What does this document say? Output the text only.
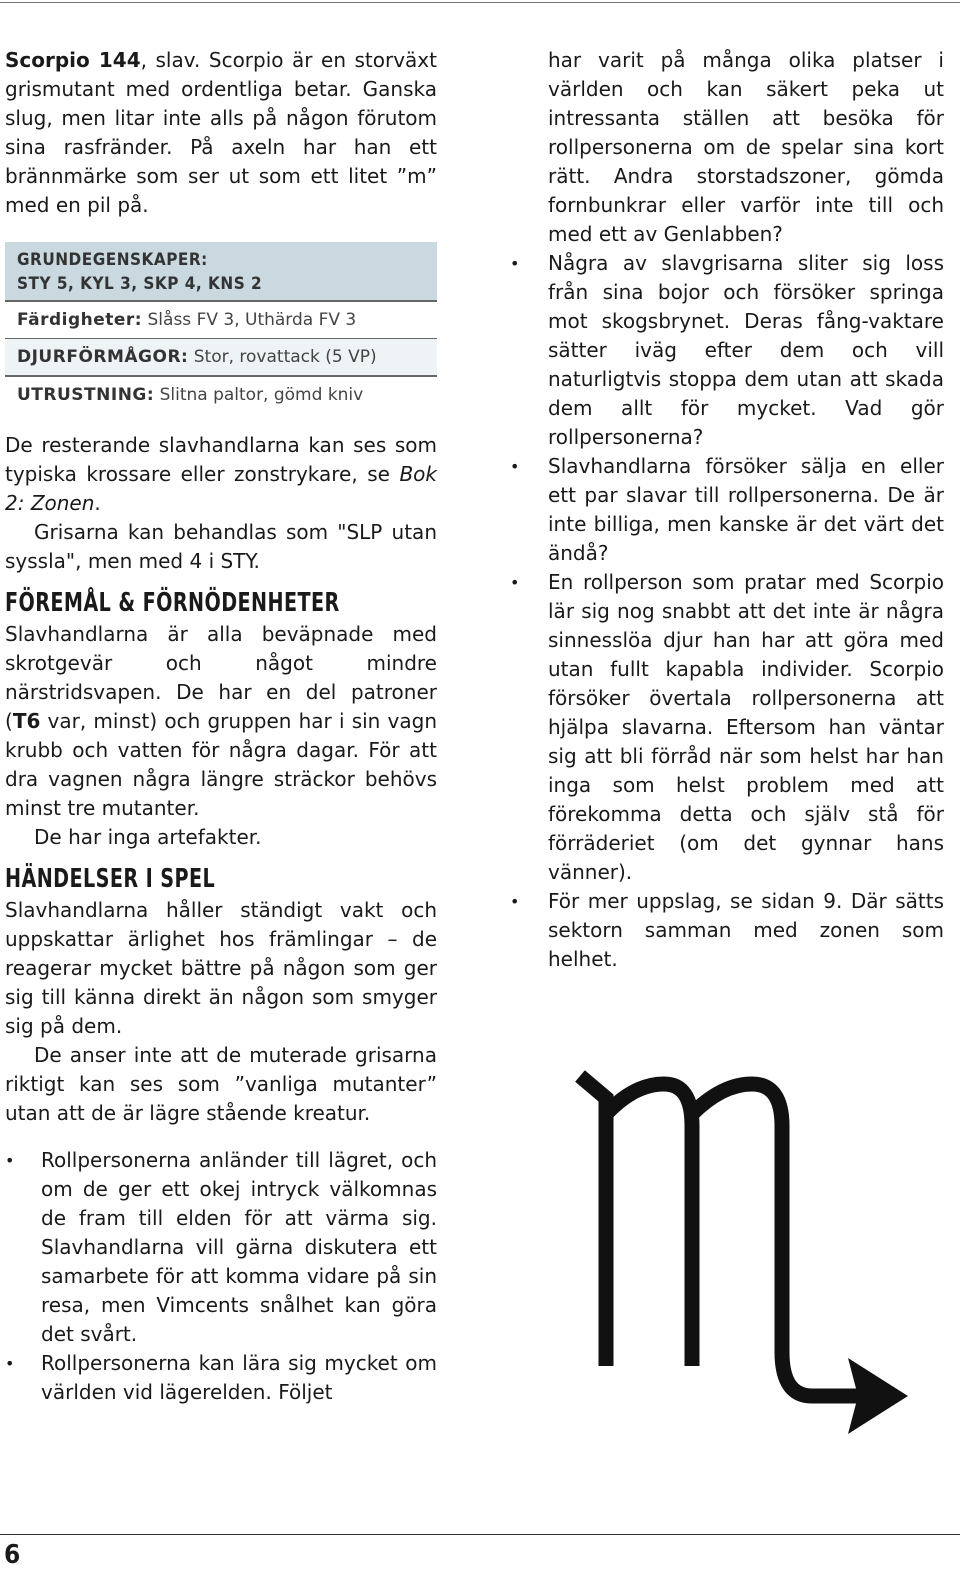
Scorpio 144, slav. Scorpio är en storväxt grismutant med ordentliga betar. Ganska slug, men litar inte alls på någon förutom sina rasfränder. På axeln har han ett brännmärke som ser ut som ett litet ”m” med en pil på.

GRUNDEGENSKAPER:
STY 5, KYL 3, SKP 4, KNS 2
Färdigheter: Slåss FV 3, Uthärda FV 3
DJURFÖRMÅGOR: Stor, rovattack (5 VP)
UTRUSTNING: Slitna paltor, gömd kniv

De resterande slavhandlarna kan ses som typiska krossare eller zonstrykare, se Bok 2: Zonen.

Grisarna kan behandlas som "SLP utan syssla", men med 4 i STY.

FÖREMÅL & FÖRNÖDENHETER

Slavhandlarna är alla beväpnade med skrotgevär och något mindre närstridsvapen. De har en del patroner (T6 var, minst) och gruppen har i sin vagn krubb och vatten för några dagar. För att dra vagnen några längre sträckor behövs minst tre mutanter.

De har inga artefakter.

HÄNDELSER I SPEL

Slavhandlarna håller ständigt vakt och uppskattar ärlighet hos främlingar – de reagerar mycket bättre på någon som ger sig till känna direkt än någon som smyger sig på dem.

De anser inte att de muterade grisarna riktigt kan ses som ”vanliga mutanter” utan att de är lägre stående kreatur.

• Rollpersonerna anländer till lägret, och om de ger ett okej intryck välkomnas de fram till elden för att värma sig. Slavhandlarna vill gärna diskutera ett samarbete för att komma vidare på sin resa, men Vimcents snålhet kan göra det svårt.
• Rollpersonerna kan lära sig mycket om världen vid lägerelden. Följet

har varit på många olika platser i världen och kan säkert peka ut intressanta ställen att besöka för rollpersonerna om de spelar sina kort rätt. Andra storstadszoner, gömda fornbunkrar eller varför inte till och med ett av Genlabben?

• Några av slavgrisarna sliter sig loss från sina bojor och försöker springa mot skogsbrynet. Deras fång-vaktare sätter iväg efter dem och vill naturligtvis stoppa dem utan att skada dem allt för mycket. Vad gör rollpersonerna?
• Slavhandlarna försöker sälja en eller ett par slavar till rollpersonerna. De är inte billiga, men kanske är det värt det ändå?
• En rollperson som pratar med Scorpio lär sig nog snabbt att det inte är några sinnesslöa djur han har att göra med utan fullt kapabla individer. Scorpio försöker övertala rollpersonerna att hjälpa slavarna. Eftersom han väntar sig att bli förråd när som helst har han inga som helst problem med att förekomma detta och själv stå för förräderiet (om det gynnar hans vänner).
• För mer uppslag, se sidan 9. Där sätts sektorn samman med zonen som helhet.
6
